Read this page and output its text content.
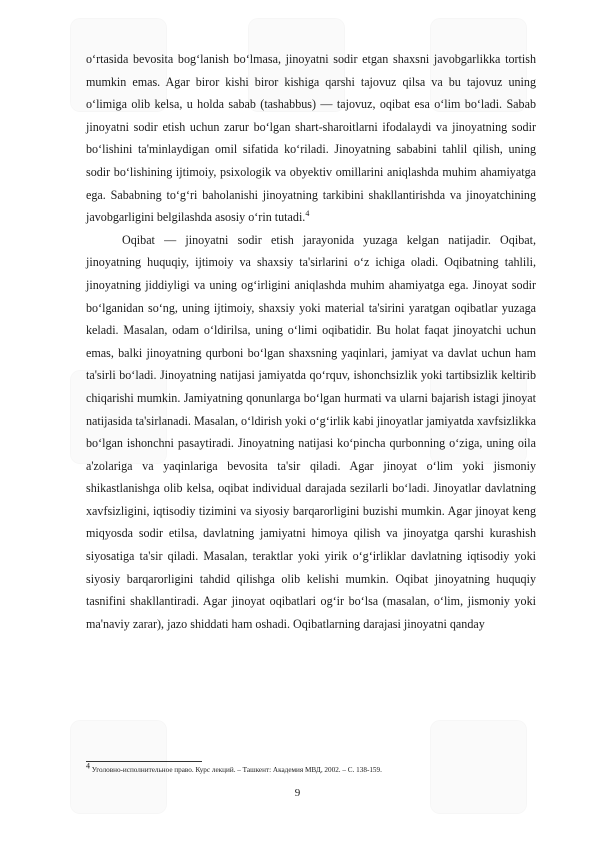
o‘rtasida bevosita bog‘lanish bo‘lmasa, jinoyatni sodir etgan shaxsni javobgarlikka tortish mumkin emas. Agar biror kishi biror kishiga qarshi tajovuz qilsa va bu tajovuz uning o‘limiga olib kelsa, u holda sabab (tashabbus) — tajovuz, oqibat esa o‘lim bo‘ladi. Sabab jinoyatni sodir etish uchun zarur bo‘lgan shart-sharoitlarni ifodalaydi va jinoyatning sodir bo‘lishini ta'minlaydigan omil sifatida ko‘riladi. Jinoyatning sababini tahlil qilish, uning sodir bo‘lishining ijtimoiy, psixologik va obyektiv omillarini aniqlashda muhim ahamiyatga ega. Sababning to‘g‘ri baholanishi jinoyatning tarkibini shakllantirishda va jinoyatchining javobgarligini belgilashda asosiy o‘rin tutadi.$^4$

Oqibat — jinoyatni sodir etish jarayonida yuzaga kelgan natijadir. Oqibat, jinoyatning huquqiy, ijtimoiy va shaxsiy ta'sirlarini o‘z ichiga oladi. Oqibatning tahlili, jinoyatning jiddiyligi va uning og‘irligini aniqlashda muhim ahamiyatga ega. Jinoyat sodir bo‘lganidan so‘ng, uning ijtimoiy, shaxsiy yoki material ta'sirini yaratgan oqibatlar yuzaga keladi. Masalan, odam o‘ldirilsa, uning o‘limi oqibatidir. Bu holat faqat jinoyatchi uchun emas, balki jinoyatning qurboni bo‘lgan shaxsning yaqinlari, jamiyat va davlat uchun ham ta'sirli bo‘ladi. Jinoyatning natijasi jamiyatda qo‘rquv, ishonchsizlik yoki tartibsizlik keltirib chiqarishi mumkin. Jamiyatning qonunlarga bo‘lgan hurmati va ularni bajarish istagi jinoyat natijasida ta'sirlanadi. Masalan, o‘ldirish yoki o‘g‘irlik kabi jinoyatlar jamiyatda xavfsizlikka bo‘lgan ishonchni pasaytiradi. Jinoyatning natijasi ko‘pincha qurbonning o‘ziga, uning oila a'zolariga va yaqinlariga bevosita ta'sir qiladi. Agar jinoyat o‘lim yoki jismoniy shikastlanishga olib kelsa, oqibat individual darajada sezilarli bo‘ladi. Jinoyatlar davlatning xavfsizligini, iqtisodiy tizimini va siyosiy barqarorligini buzishi mumkin. Agar jinoyat keng miqyosda sodir etilsa, davlatning jamiyatni himoya qilish va jinoyatga qarshi kurashish siyosatiga ta'sir qiladi. Masalan, teraktlar yoki yirik o‘g‘irliklar davlatning iqtisodiy yoki siyosiy barqarorligini tahdid qilishga olib kelishi mumkin. Oqibat jinoyatning huquqiy tasnifini shakllantiradi. Agar jinoyat oqibatlari og‘ir bo‘lsa (masalan, o‘lim, jismoniy yoki ma'naviy zarar), jazo shiddati ham oshadi. Oqibatlarning darajasi jinoyatni qanday

$^4$ Уголовно-исполнительное право. Курс лекций. – Ташкент: Академия МВД, 2002. – С. 138-159.

9
